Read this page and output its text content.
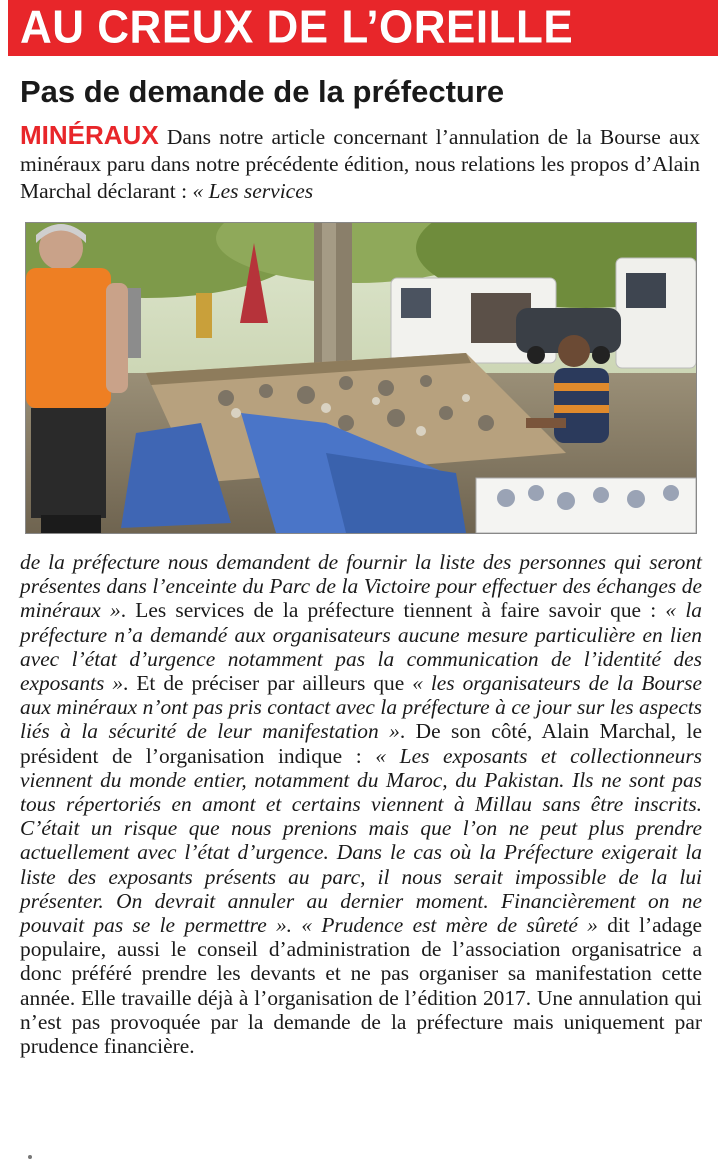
AU CREUX DE L’OREILLE
Pas de demande de la préfecture

MINÉRAUX Dans notre article concernant l’annulation de la Bourse aux minéraux paru dans notre précédente édition, nous relations les propos d’Alain Marchal déclarant : « Les services

de la préfecture nous demandent de fournir la liste des personnes qui seront présentes dans l’enceinte du Parc de la Victoire pour effectuer des échanges de minéraux ». Les services de la préfecture tiennent à faire savoir que : « la préfecture n’a demandé aux organisateurs aucune mesure particulière en lien avec l’état d’urgence notamment pas la communication de l’identité des exposants ». Et de préciser par ailleurs que « les organisateurs de la Bourse aux minéraux n’ont pas pris contact avec la préfecture à ce jour sur les aspects liés à la sécurité de leur manifestation ». De son côté, Alain Marchal, le président de l’organisation indique : « Les exposants et collectionneurs viennent du monde entier, notamment du Maroc, du Pakistan. Ils ne sont pas tous répertoriés en amont et certains viennent à Millau sans être inscrits. C’était un risque que nous prenions mais que l’on ne peut plus prendre actuellement avec l’état d’urgence. Dans le cas où la Préfecture exigerait la liste des exposants présents au parc, il nous serait impossible de la lui présenter. On devrait annuler au dernier moment. Financièrement on ne pouvait pas se le permettre ». « Prudence est mère de sûreté » dit l’adage populaire, aussi le conseil d’administration de l’association organisatrice a donc préféré prendre les devants et ne pas organiser sa manifestation cette année. Elle travaille déjà à l’organisation de l’édition 2017. Une annulation qui n’est pas provoquée par la demande de la préfecture mais uniquement par prudence financière.
